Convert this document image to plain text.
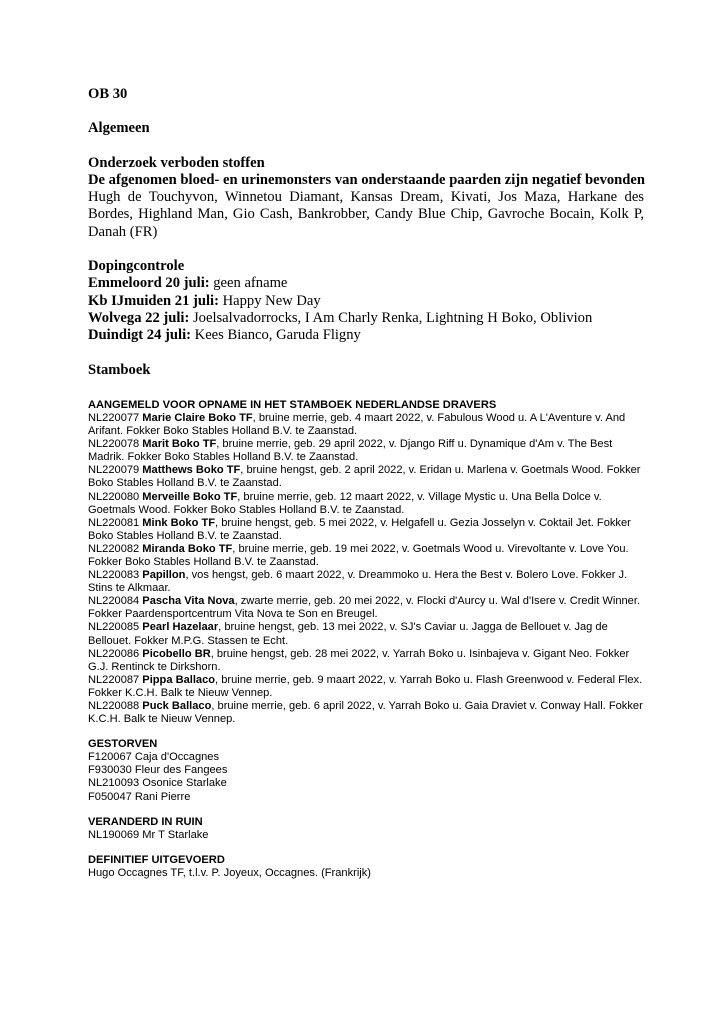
OB 30

Algemeen

Onderzoek verboden stoffen

De afgenomen bloed- en urinemonsters van onderstaande paarden zijn negatief bevonden

Hugh de Touchyvon, Winnetou Diamant, Kansas Dream, Kivati, Jos Maza, Harkane des Bordes, Highland Man, Gio Cash, Bankrobber, Candy Blue Chip, Gavroche Bocain, Kolk P, Danah (FR)

Dopingcontrole

Emmeloord 20 juli: geen afname

Kb IJmuiden 21 juli: Happy New Day

Wolvega 22 juli: Joelsalvadorrocks, I Am Charly Renka, Lightning H Boko, Oblivion

Duindigt 24 juli: Kees Bianco, Garuda Fligny

Stamboek

AANGEMELD VOOR OPNAME IN HET STAMBOEK NEDERLANDSE DRAVERS

NL220077 Marie Claire Boko TF, bruine merrie, geb. 4 maart 2022, v. Fabulous Wood u. A L'Aventure v. And Arifant. Fokker Boko Stables Holland B.V. te Zaanstad.

NL220078 Marit Boko TF, bruine merrie, geb. 29 april 2022, v. Django Riff u. Dynamique d'Am v. The Best Madrik. Fokker Boko Stables Holland B.V. te Zaanstad.

NL220079 Matthews Boko TF, bruine hengst, geb. 2 april 2022, v. Eridan u. Marlena v. Goetmals Wood. Fokker Boko Stables Holland B.V. te Zaanstad.

NL220080 Merveille Boko TF, bruine merrie, geb. 12 maart 2022, v. Village Mystic u. Una Bella Dolce v. Goetmals Wood. Fokker Boko Stables Holland B.V. te Zaanstad.

NL220081 Mink Boko TF, bruine hengst, geb. 5 mei 2022, v. Helgafell u. Gezia Josselyn v. Coktail Jet. Fokker Boko Stables Holland B.V. te Zaanstad.

NL220082 Miranda Boko TF, bruine merrie, geb. 19 mei 2022, v. Goetmals Wood u. Virevoltante v. Love You. Fokker Boko Stables Holland B.V. te Zaanstad.

NL220083 Papillon, vos hengst, geb. 6 maart 2022, v. Dreammoko u. Hera the Best v. Bolero Love. Fokker J. Stins te Alkmaar.

NL220084 Pascha Vita Nova, zwarte merrie, geb. 20 mei 2022, v. Flocki d'Aurcy u. Wal d'Isere v. Credit Winner. Fokker Paardensportcentrum Vita Nova te Son en Breugel.

NL220085 Pearl Hazelaar, bruine hengst, geb. 13 mei 2022, v. SJ's Caviar u. Jagga de Bellouet v. Jag de Bellouet. Fokker M.P.G. Stassen te Echt.

NL220086 Picobello BR, bruine hengst, geb. 28 mei 2022, v. Yarrah Boko u. Isinbajeva v. Gigant Neo. Fokker G.J. Rentinck te Dirkshorn.

NL220087 Pippa Ballaco, bruine merrie, geb. 9 maart 2022, v. Yarrah Boko u. Flash Greenwood v. Federal Flex. Fokker K.C.H. Balk te Nieuw Vennep.

NL220088 Puck Ballaco, bruine merrie, geb. 6 april 2022, v. Yarrah Boko u. Gaia Draviet v. Conway Hall. Fokker K.C.H. Balk te Nieuw Vennep.

GESTORVEN

F120067 Caja d'Occagnes

F930030 Fleur des Fangees

NL210093 Osonice Starlake

F050047 Rani Pierre

VERANDERD IN RUIN

NL190069 Mr T Starlake

DEFINITIEF UITGEVOERD

Hugo Occagnes TF, t.l.v. P. Joyeux, Occagnes. (Frankrijk)
